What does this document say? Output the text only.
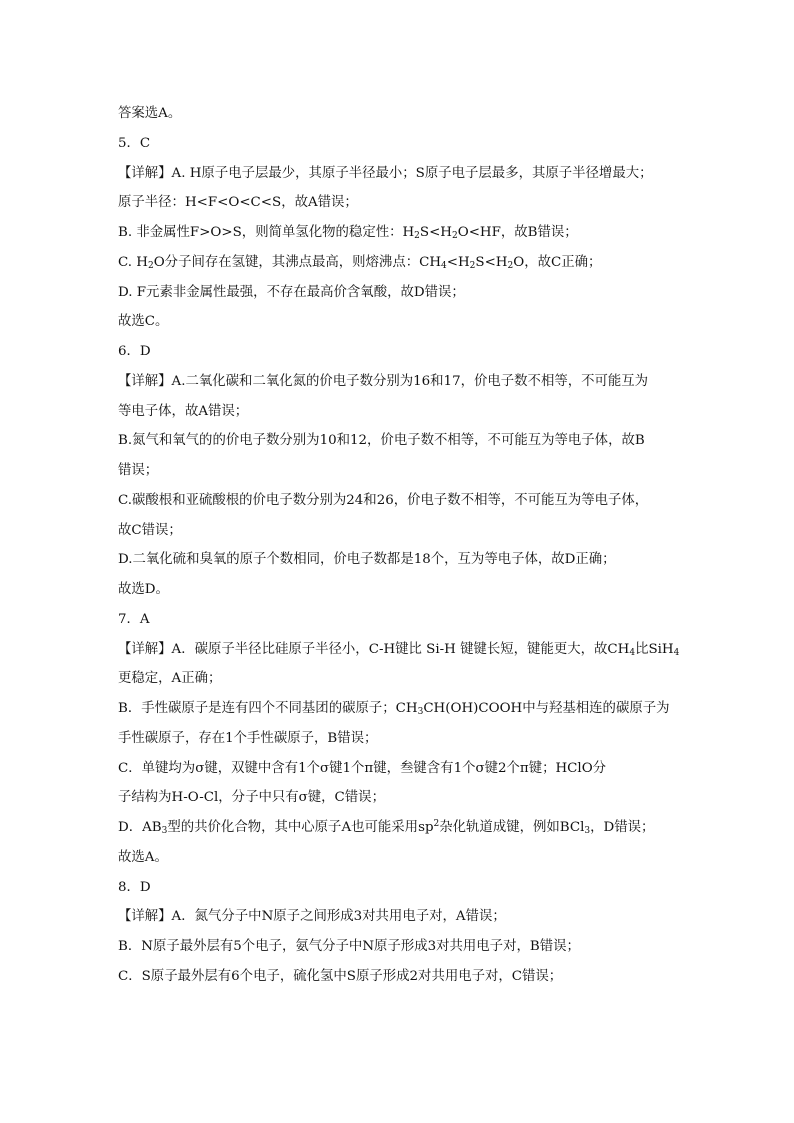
答案选A。
5．C
【详解】A. H原子电子层最少，其原子半径最小；S原子电子层最多，其原子半径增最大；
原子半径：H<F<O<C<S，故A错误；
B. 非金属性F>O>S，则简单氢化物的稳定性：$H_2S<H_2O<HF$，故B错误；
C. $H_2O$分子间存在氢键，其沸点最高，则熔沸点：$CH_4<H_2S<H_2O$，故C正确；
D. F元素非金属性最强，不存在最高价含氧酸，故D错误；
故选C。
6．D
【详解】A.二氧化碳和二氧化氮的价电子数分别为16和17，价电子数不相等，不可能互为
等电子体，故A错误；
B.氮气和氧气的的价电子数分别为10和12，价电子数不相等，不可能互为等电子体，故B
错误；
C.碳酸根和亚硫酸根的价电子数分别为24和26，价电子数不相等，不可能互为等电子体，
故C错误；
D.二氧化硫和臭氧的原子个数相同，价电子数都是18个，互为等电子体，故D正确；
故选D。
7．A
【详解】A．碳原子半径比硅原子半径小，C-H键比 Si-H 键键长短，键能更大，故$CH_4$比SiH$_4$
更稳定，A正确；
B．手性碳原子是连有四个不同基团的碳原子；$CH_3CH(OH)COOH$中与羟基相连的碳原子为
手性碳原子，存在1个手性碳原子，B错误；
C．单键均为σ键，双键中含有1个σ键1个π键，叁键含有1个σ键2个π键；HClO分
子结构为H-O-Cl，分子中只有σ键，C错误；
D．$AB_3$型的共价化合物，其中心原子A也可能采用$sp^2$杂化轨道成键，例如BCl$_3$，D错误；
故选A。
8．D
【详解】A．氮气分子中N原子之间形成3对共用电子对，A错误；
B．N原子最外层有5个电子，氨气分子中N原子形成3对共用电子对，B错误；
C．S原子最外层有6个电子，硫化氢中S原子形成2对共用电子对，C错误；
